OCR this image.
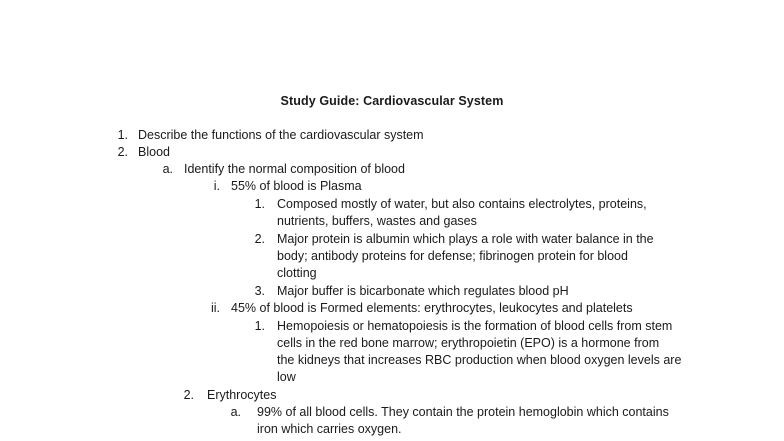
Study Guide: Cardiovascular System
1. Describe the functions of the cardiovascular system
2. Blood
a. Identify the normal composition of blood
i. 55% of blood is Plasma
1. Composed mostly of water, but also contains electrolytes, proteins,
nutrients, buffers, wastes and gases
2. Major protein is albumin which plays a role with water balance in the
body; antibody proteins for defense; fibrinogen protein for blood
clotting
3. Major buffer is bicarbonate which regulates blood pH
ii. 45% of blood is Formed elements: erythrocytes, leukocytes and platelets
1. Hemopoiesis or hematopoiesis is the formation of blood cells from stem
cells in the red bone marrow; erythropoietin (EPO) is a hormone from
the kidneys that increases RBC production when blood oxygen levels are
low
2. Erythrocytes
a. 99% of all blood cells. They contain the protein hemoglobin which contains
iron which carries oxygen.
